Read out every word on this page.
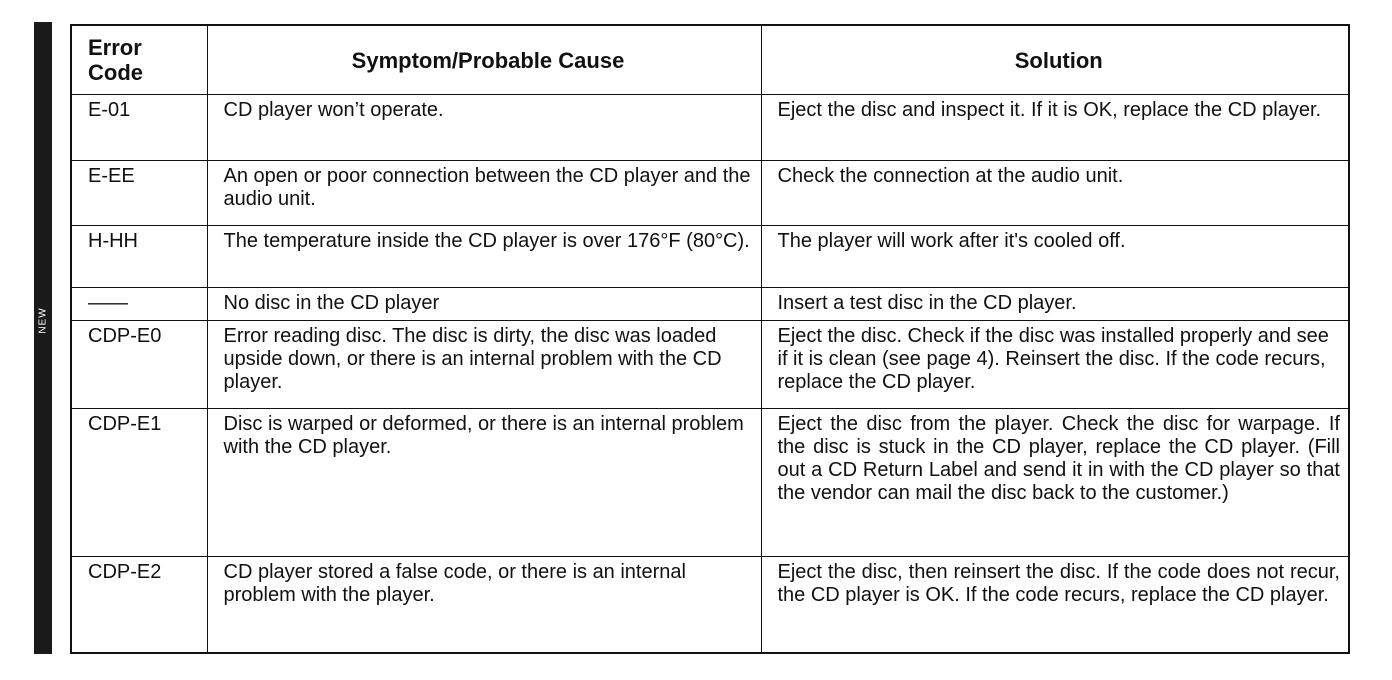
NEW
Error Code	Symptom/Probable Cause	Solution
E-01	CD player won’t operate.	Eject the disc and inspect it. If it is OK, replace the CD player.
E-EE	An open or poor connection between the CD player and the audio unit.	Check the connection at the audio unit.
H-HH	The temperature inside the CD player is over 176°F (80°C).	The player will work after it's cooled off.
——	No disc in the CD player	Insert a test disc in the CD player.
CDP-E0	Error reading disc. The disc is dirty, the disc was loaded upside down, or there is an internal problem with the CD player.	Eject the disc. Check if the disc was installed properly and see if it is clean (see page 4). Reinsert the disc. If the code recurs, replace the CD player.
CDP-E1	Disc is warped or deformed, or there is an internal problem with the CD player.	Eject the disc from the player. Check the disc for warpage. If the disc is stuck in the CD player, replace the CD player. (Fill out a CD Return Label and send it in with the CD player so that the vendor can mail the disc back to the customer.)
CDP-E2	CD player stored a false code, or there is an internal problem with the player.	Eject the disc, then reinsert the disc. If the code does not recur, the CD player is OK. If the code recurs, replace the CD player.
